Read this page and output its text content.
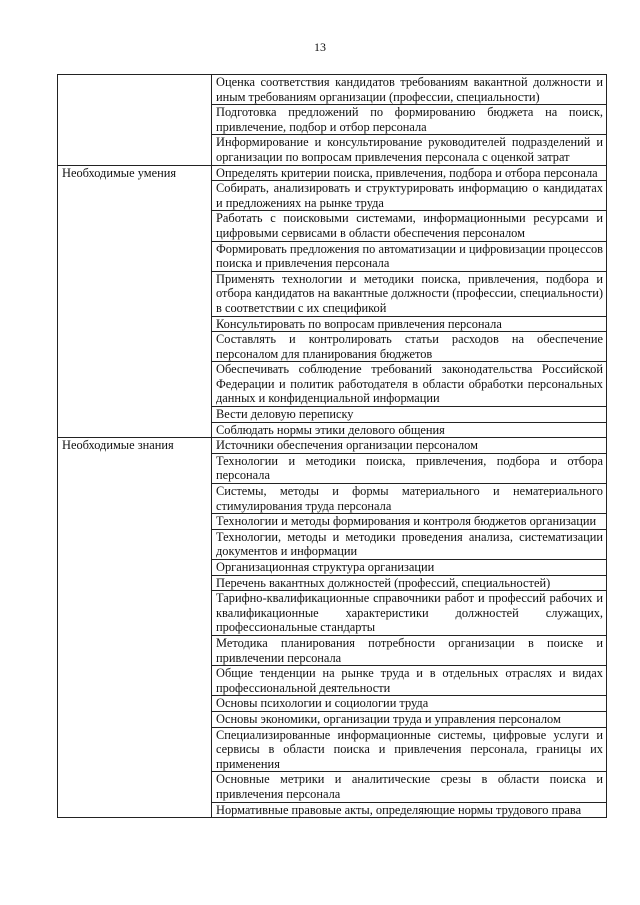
13
	Оценка соответствия кандидатов требованиям вакантной должности и иным требованиям организации (профессии, специальности)
	Подготовка предложений по формированию бюджета на поиск, привлечение, подбор и отбор персонала
	Информирование и консультирование руководителей подразделений и организации по вопросам привлечения персонала с оценкой затрат
Необходимые умения	Определять критерии поиска, привлечения, подбора и отбора персонала
	Собирать, анализировать и структурировать информацию о кандидатах и предложениях на рынке труда
	Работать с поисковыми системами, информационными ресурсами и цифровыми сервисами в области обеспечения персоналом
	Формировать предложения по автоматизации и цифровизации процессов поиска и привлечения персонала
	Применять технологии и методики поиска, привлечения, подбора и отбора кандидатов на вакантные должности (профессии, специальности) в соответствии с их спецификой
	Консультировать по вопросам привлечения персонала
	Составлять и контролировать статьи расходов на обеспечение персоналом для планирования бюджетов
	Обеспечивать соблюдение требований законодательства Российской Федерации и политик работодателя в области обработки персональных данных и конфиденциальной информации
	Вести деловую переписку
	Соблюдать нормы этики делового общения
Необходимые знания	Источники обеспечения организации персоналом
	Технологии и методики поиска, привлечения, подбора и отбора персонала
	Системы, методы и формы материального и нематериального стимулирования труда персонала
	Технологии и методы формирования и контроля бюджетов организации
	Технологии, методы и методики проведения анализа, систематизации документов и информации
	Организационная структура организации
	Перечень вакантных должностей (профессий, специальностей)
	Тарифно-квалификационные справочники работ и профессий рабочих и квалификационные характеристики должностей служащих, профессиональные стандарты
	Методика планирования потребности организации в поиске и привлечении персонала
	Общие тенденции на рынке труда и в отдельных отраслях и видах профессиональной деятельности
	Основы психологии и социологии труда
	Основы экономики, организации труда и управления персоналом
	Специализированные информационные системы, цифровые услуги и сервисы в области поиска и привлечения персонала, границы их применения
	Основные метрики и аналитические срезы в области поиска и привлечения персонала
	Нормативные правовые акты, определяющие нормы трудового права
